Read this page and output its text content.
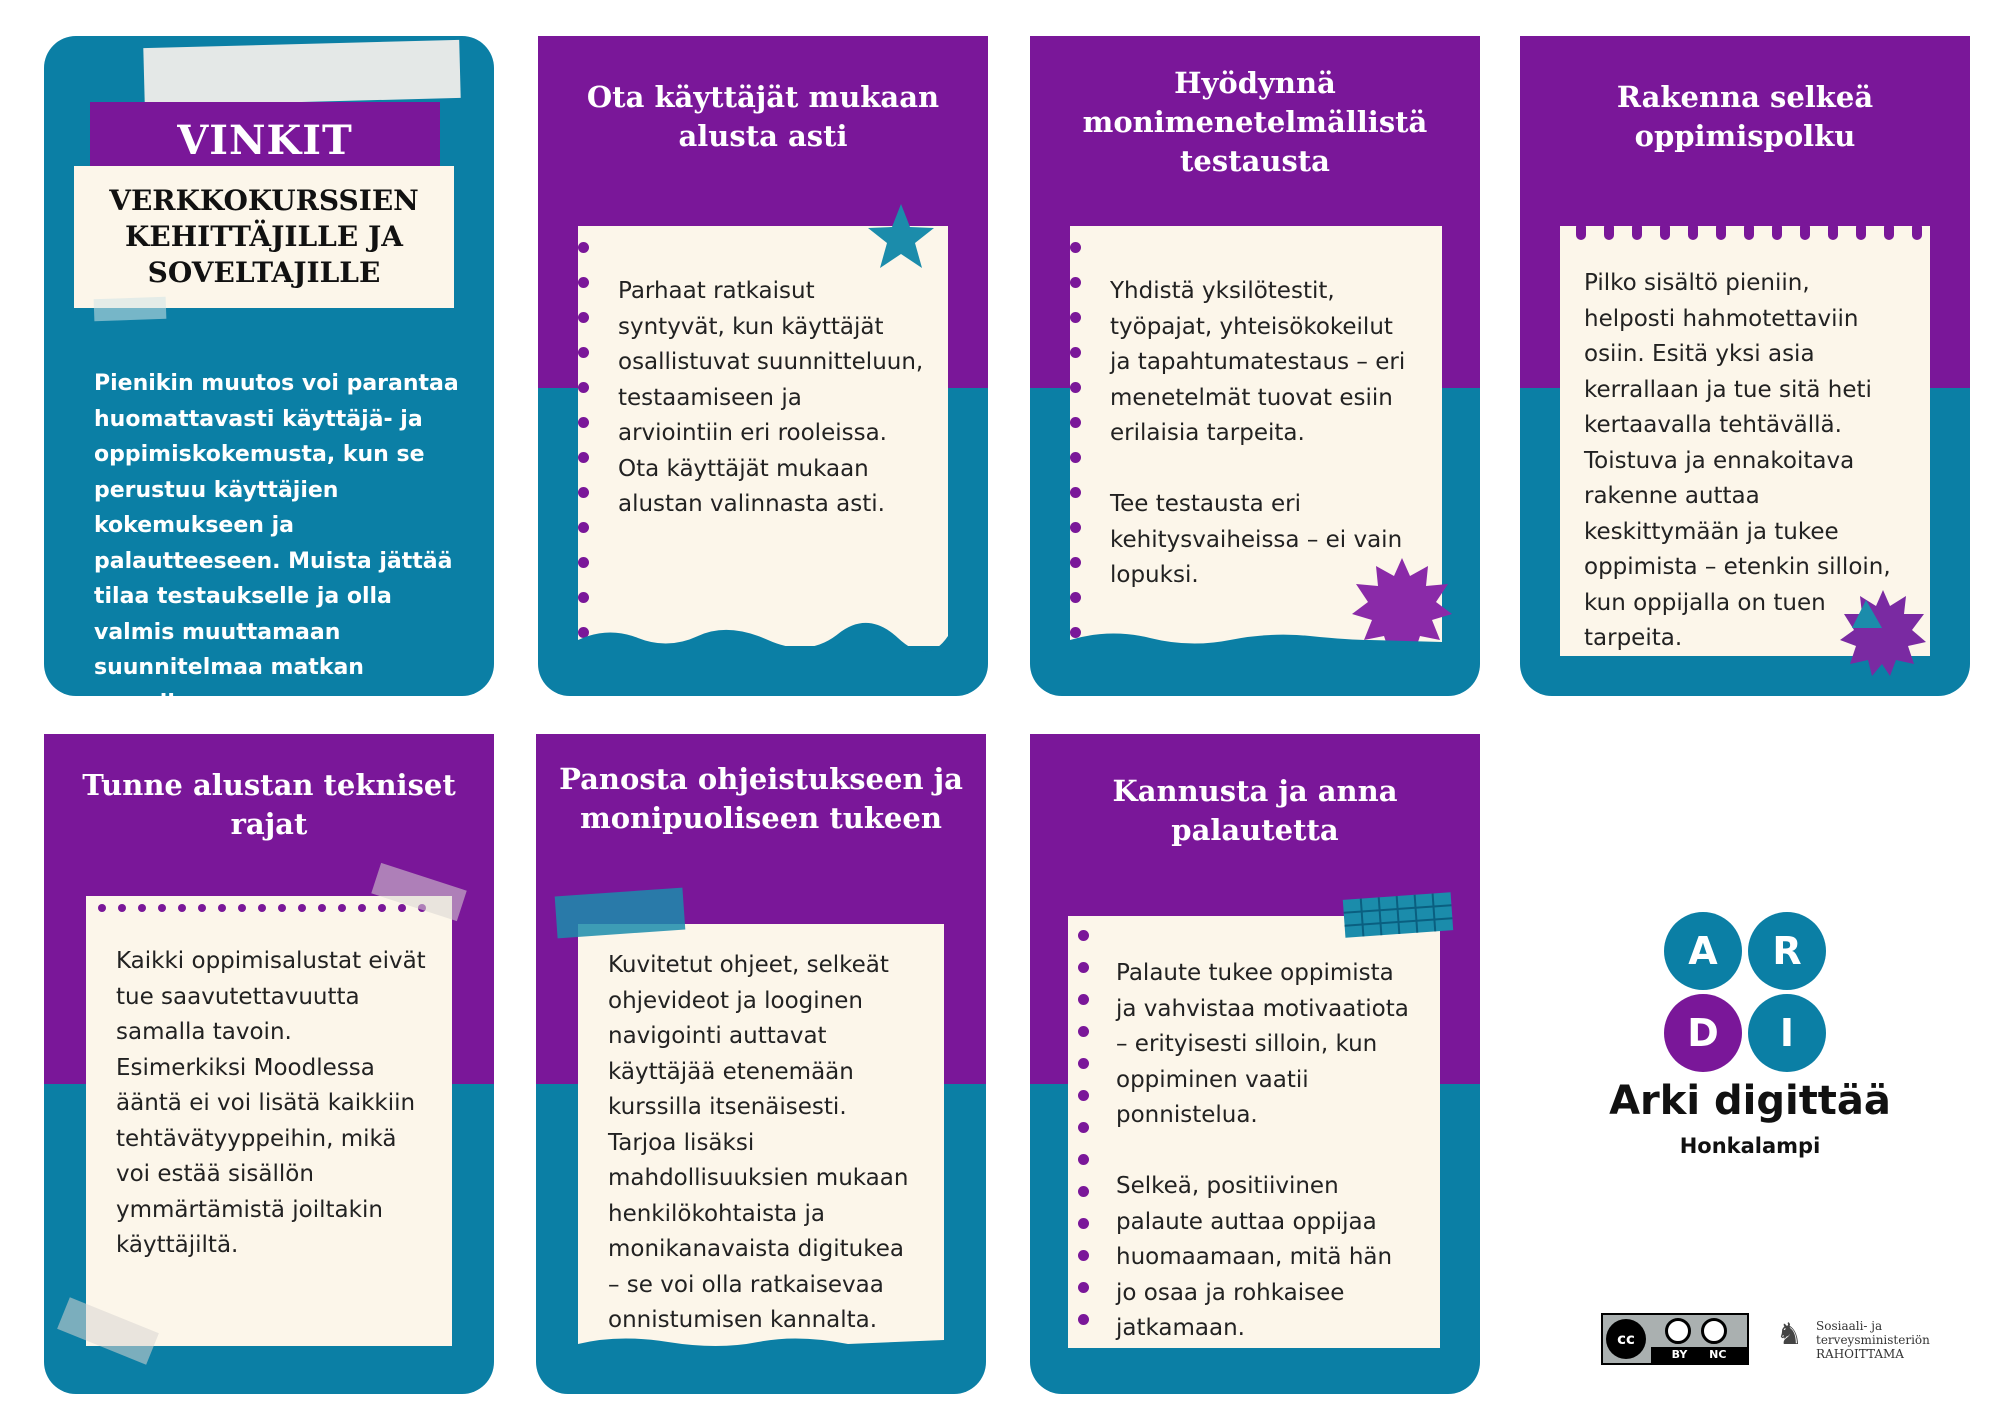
VINKIT
VERKKOKURSSIEN
KEHITTÄJILLE JA
SOVELTAJILLE
Pienikin muutos voi parantaa huomattavasti käyttäjä- ja oppimiskokemusta, kun se perustuu käyttäjien kokemukseen ja palautteeseen. Muista jättää tilaa testaukselle ja olla valmis muuttamaan suunnitelmaa matkan varrella.
Ota käyttäjät mukaan alusta asti
Parhaat ratkaisut syntyvät, kun käyttäjät osallistuvat suunnitteluun, testaamiseen ja arviointiin eri rooleissa. Ota käyttäjät mukaan alustan valinnasta asti.
Hyödynnä monimenetelmällistä testausta
Yhdistä yksilötestit, työpajat, yhteisökokeilut ja tapahtumatestaus – eri menetelmät tuovat esiin erilaisia tarpeita.

Tee testausta eri kehitysvaiheissa – ei vain lopuksi.
Rakenna selkeä oppimispolku
Pilko sisältö pieniin, helposti hahmotettaviin osiin. Esitä yksi asia kerrallaan ja tue sitä heti kertaavalla tehtävällä. Toistuva ja ennakoitava rakenne auttaa keskittymään ja tukee oppimista – etenkin silloin, kun oppijalla on tuen tarpeita.
Tunne alustan tekniset rajat
Kaikki oppimisalustat eivät tue saavutettavuutta samalla tavoin. Esimerkiksi Moodlessa ääntä ei voi lisätä kaikkiin tehtävätyyppeihin, mikä voi estää sisällön ymmärtämistä joiltakin käyttäjiltä.
Panosta ohjeistukseen ja monipuoliseen tukeen
Kuvitetut ohjeet, selkeät ohjevideot ja looginen navigointi auttavat käyttäjää etenemään kurssilla itsenäisesti. Tarjoa lisäksi mahdollisuuksien mukaan henkilökohtaista ja monikanavaista digitukea – se voi olla ratkaisevaa onnistumisen kannalta.
Kannusta ja anna palautetta
Palaute tukee oppimista ja vahvistaa motivaatiota – erityisesti silloin, kun oppiminen vaatii ponnistelua.

Selkeä, positiivinen palaute auttaa oppijaa huomaamaan, mitä hän jo osaa ja rohkaisee jatkamaan.
A	R
D	I
Arki digittää
Honkalampi
cc
BY NC
♞	Sosiaali- ja
terveysministeriön
RAHOITTAMA
